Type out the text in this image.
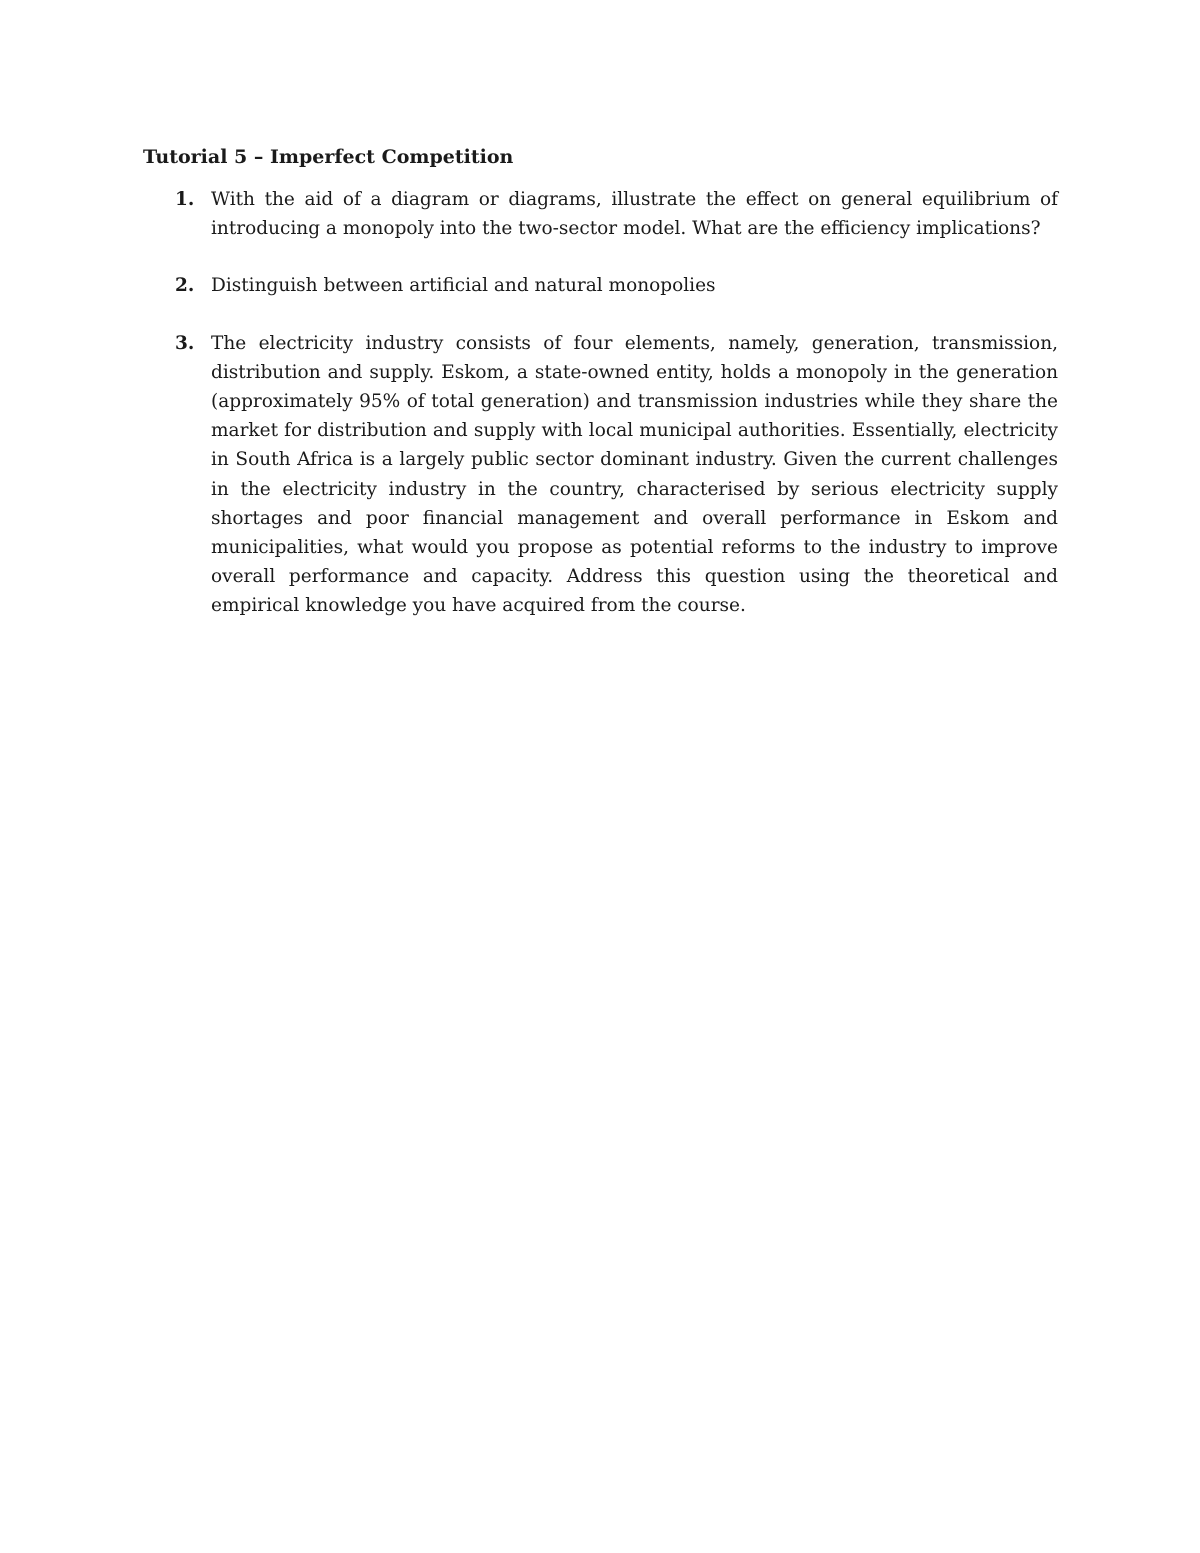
Tutorial 5 – Imperfect Competition
1. With the aid of a diagram or diagrams, illustrate the effect on general equilibrium of introducing a monopoly into the two-sector model. What are the efficiency implications?

2. Distinguish between artificial and natural monopolies

3. The electricity industry consists of four elements, namely, generation, transmission, distribution and supply. Eskom, a state-owned entity, holds a monopoly in the generation (approximately 95% of total generation) and transmission industries while they share the market for distribution and supply with local municipal authorities. Essentially, electricity in South Africa is a largely public sector dominant industry. Given the current challenges in the electricity industry in the country, characterised by serious electricity supply shortages and poor financial management and overall performance in Eskom and municipalities, what would you propose as potential reforms to the industry to improve overall performance and capacity. Address this question using the theoretical and empirical knowledge you have acquired from the course.
